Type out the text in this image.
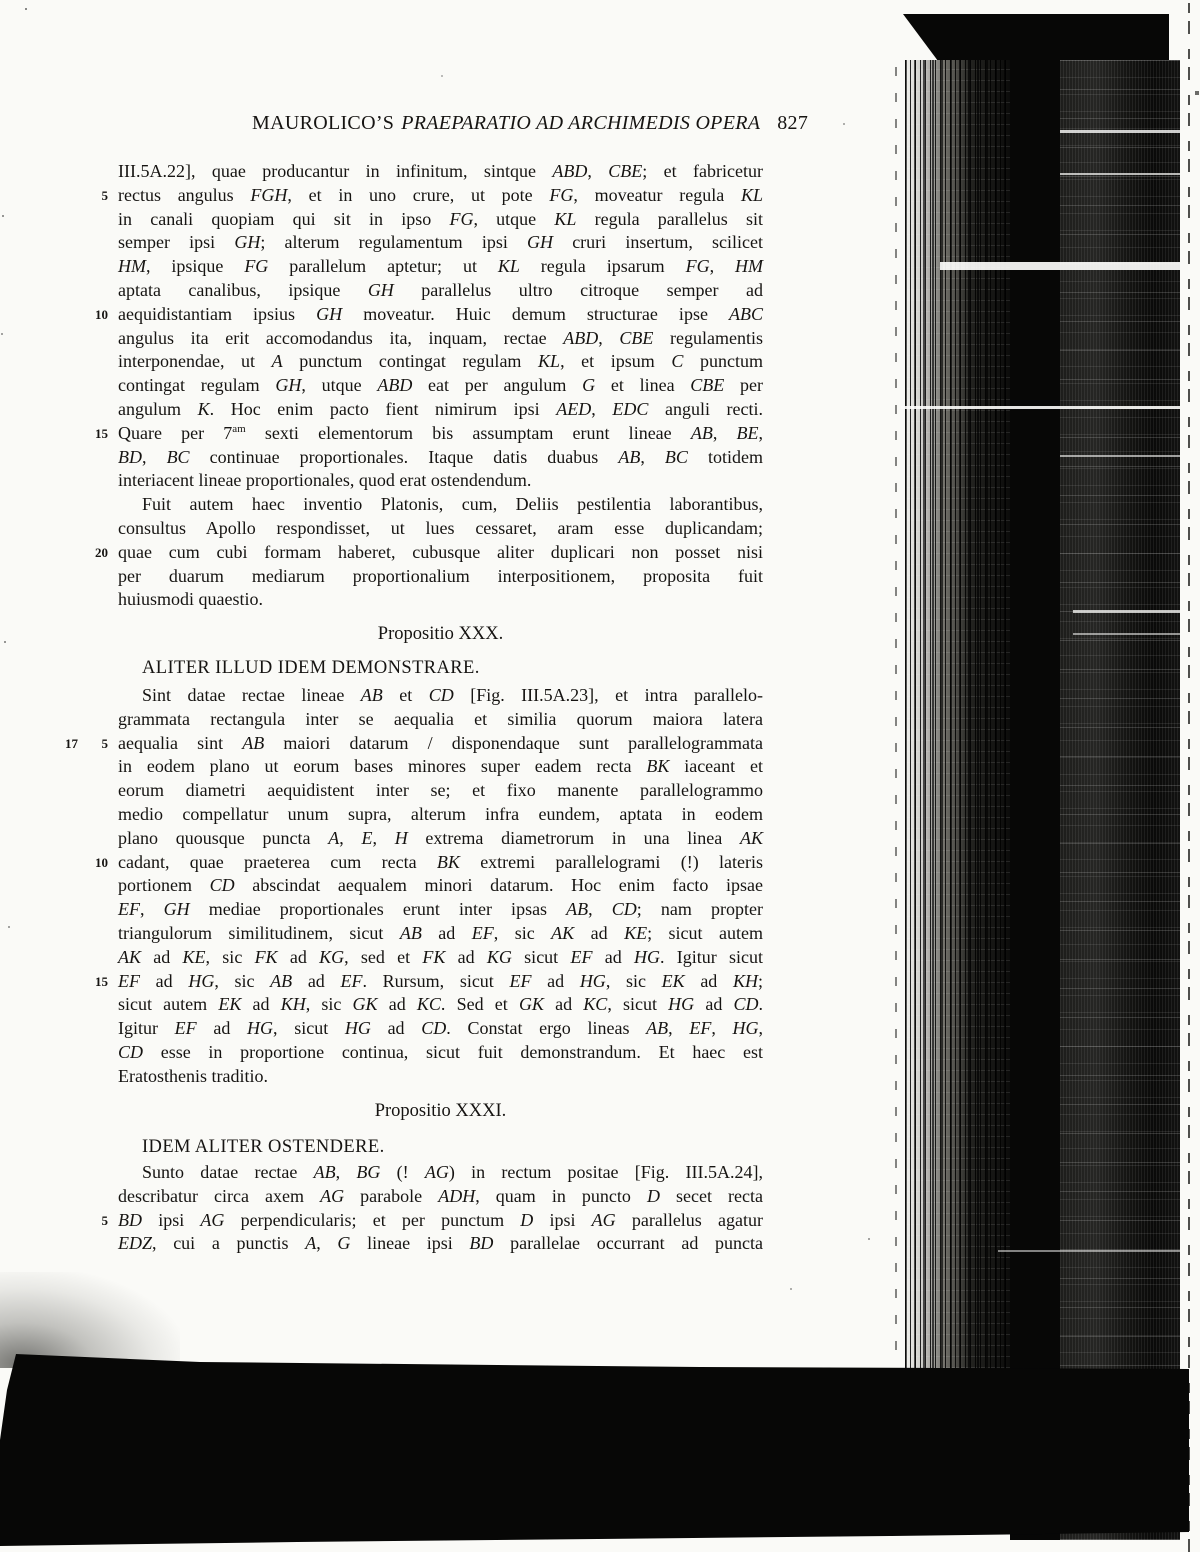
MAUROLICO’S PRAEPARATIO AD ARCHIMEDIS OPERA 827
III.5A.22], quae producantur in infinitum, sintque ABD, CBE; et fabricetur
5 rectus angulus FGH, et in uno crure, ut pote FG, moveatur regula KL
in canali quopiam qui sit in ipso FG, utque KL regula parallelus sit
semper ipsi GH; alterum regulamentum ipsi GH cruri insertum, scilicet
HM, ipsique FG parallelum aptetur; ut KL regula ipsarum FG, HM
aptata canalibus, ipsique GH parallelus ultro citroque semper ad
10 aequidistantiam ipsius GH moveatur. Huic demum structurae ipse ABC
angulus ita erit accomodandus ita, inquam, rectae ABD, CBE regulamentis
interponendae, ut A punctum contingat regulam KL, et ipsum C punctum
contingat regulam GH, utque ABD eat per angulum G et linea CBE per
angulum K. Hoc enim pacto fient nimirum ipsi AED, EDC anguli recti.
15 Quare per $7^{am}$ sexti elementorum bis assumptam erunt lineae AB, BE,
BD, BC continuae proportionales. Itaque datis duabus AB, BC totidem
interiacent lineae proportionales, quod erat ostendendum.
Fuit autem haec inventio Platonis, cum, Deliis pestilentia laborantibus,
consultus Apollo respondisset, ut lues cessaret, aram esse duplicandam;
20 quae cum cubi formam haberet, cubusque aliter duplicari non posset nisi
per duarum mediarum proportionalium interpositionem, proposita fuit
huiusmodi quaestio.
Propositio XXX.
ALITER ILLUD IDEM DEMONSTRARE.
Sint datae rectae lineae AB et CD [Fig. III.5A.23], et intra parallelo-
grammata rectangula inter se aequalia et similia quorum maiora latera
17	5 aequalia sint AB maiori datarum / disponendaque sunt parallelogrammata
in eodem plano ut eorum bases minores super eadem recta BK iaceant et
eorum diametri aequidistent inter se; et fixo manente parallelogrammo
medio compellatur unum supra, alterum infra eundem, aptata in eodem
plano quousque puncta A, E, H extrema diametrorum in una linea AK
10 cadant, quae praeterea cum recta BK extremi parallelogrami (!) lateris
portionem CD abscindat aequalem minori datarum. Hoc enim facto ipsae
EF, GH mediae proportionales erunt inter ipsas AB, CD; nam propter
triangulorum similitudinem, sicut AB ad EF, sic AK ad KE; sicut autem
AK ad KE, sic FK ad KG, sed et FK ad KG sicut EF ad HG. Igitur sicut
15 EF ad HG, sic AB ad EF. Rursum, sicut EF ad HG, sic EK ad KH;
sicut autem EK ad KH, sic GK ad KC. Sed et GK ad KC, sicut HG ad CD.
Igitur EF ad HG, sicut HG ad CD. Constat ergo lineas AB, EF, HG,
CD esse in proportione continua, sicut fuit demonstrandum. Et haec est
Eratosthenis traditio.
Propositio XXXI.
IDEM ALITER OSTENDERE.
Sunto datae rectae AB, BG (! AG) in rectum positae [Fig. III.5A.24],
describatur circa axem AG parabole ADH, quam in puncto D secet recta
5 BD ipsi AG perpendicularis; et per punctum D ipsi AG parallelus agatur
EDZ, cui a punctis A, G lineae ipsi BD parallelae occurrant ad puncta
